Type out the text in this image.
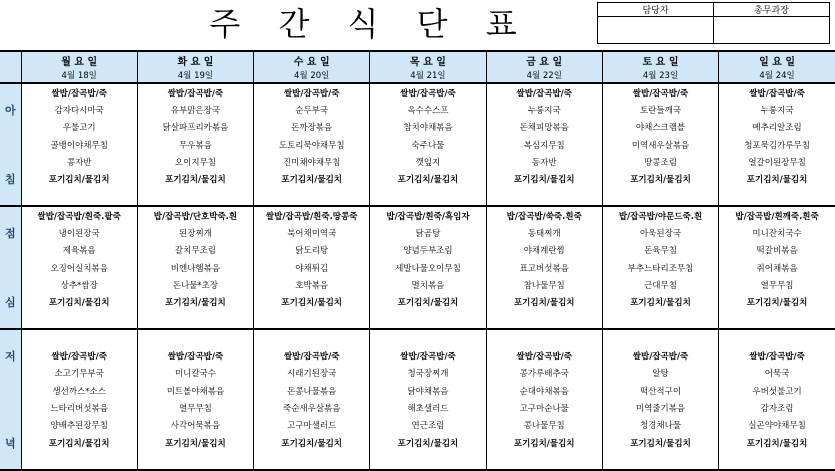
주 간 식 단 표	담당자	총무과장

	월 요 일	화 요 일	수 요 일	목 요 일	금 요 일	토 요 일	일 요 일
	4월 18일	4월 19일	4월 20일	4월 21일	4월 22일	4월 23일	4월 24일
	쌀밥/잡곡밥/죽	쌀밥/잡곡밥/죽	쌀밥/잡곡밥/죽	쌀밥/잡곡밥/죽	쌀밥/잡곡밥/죽	쌀밥/잡곡밥/죽	쌀밥/잡곡밥/죽
아	감자다시마국	유부맑은장국	순두부국	옥수수스프	누룽지국	토란들깨국	누룽지국
	우불고기	닭살파프리카볶음	돈까장볶음	참치야채볶음	돈채피망볶음	야채스크램블	메추리알조림
	골뱅이야채무침	무우볶음	도토리묵야채무침	숙주나물	복심지무침	미역새우살볶음	청포묵김가루무침
	콩자반	오이지무침	진미채야채무침	깻잎지	동자반	땅콩조림	얼갈이된장무침
침	포기김치/물김치	포기김치/물김치	포기김치/물김치	포기김치/물김치	포기김치/물김치	포기김치/물김치	포기김치/물김치

	쌀밥/잡곡밥/흰죽.팥죽	밥/잡곡밥/단호박죽.흰	쌀밥/잡곡밥/흰죽.땅콩죽	밥/잡곡밥/흰죽/흑임자	밥/잡곡밥/쑥죽.흰죽	밥/잡곡밥/야문드죽.흰	밥/잡곡밥/흰깨죽.흰죽
점	냉이된장국	된장찌개	북어채미역국	닭곰탕	동태찌개	아욱된장국	미니잔치국수
	제육볶음	갈치무조림	닭도리탕	양념두부조림	야채계란찜	돈육무침	떡갈비볶음
	오징어실치볶음	비엔나햄볶음	야채튀김	세발나물오이무침	표고버섯볶음	부추느타리조무침	쥐어채볶음
	상추*쌈장	돈나물*초장	호박볶음	멸치볶음	참나물무침	근대무침	열무무침
심	포기김치/물김치	포기김치/물김치	포기김치/물김치	포기김치/물김치	포기김치/물김치	포기김치/물김치	포기김치/물김치

저	쌀밥/잡곡밥/죽	쌀밥/잡곡밥/죽	쌀밥/잡곡밥/죽	쌀밥/잡곡밥/죽	쌀밥/잡곡밥/죽	쌀밥/잡곡밥/죽	쌀밥/잡곡밥/죽
	소고기무부국	미니칼국수	시래기된장국	청국장찌개	콩가루배추국	알탕	어묵국
	생선까스*소스	미트볼야채볶음	돈콩나물볶음	닭야채볶음	순대야채볶음	떡산적구이	우버섯불고기
	느타리버섯볶음	열무무침	죽순새우살볶음	해초샐러드	고구마순나물	미역줄기볶음	감자조림
	양배추된장무침	사각어묵볶음	고구마샐러드	연근조림	콩나물무침	청경채나물	실곤약야채무침
녁	포기김치/물김치	포기김치/물김치	포기김치/물김치	포기김치/물김치	포기김치/물김치	포기김치/물김치	포기김치/물김치
